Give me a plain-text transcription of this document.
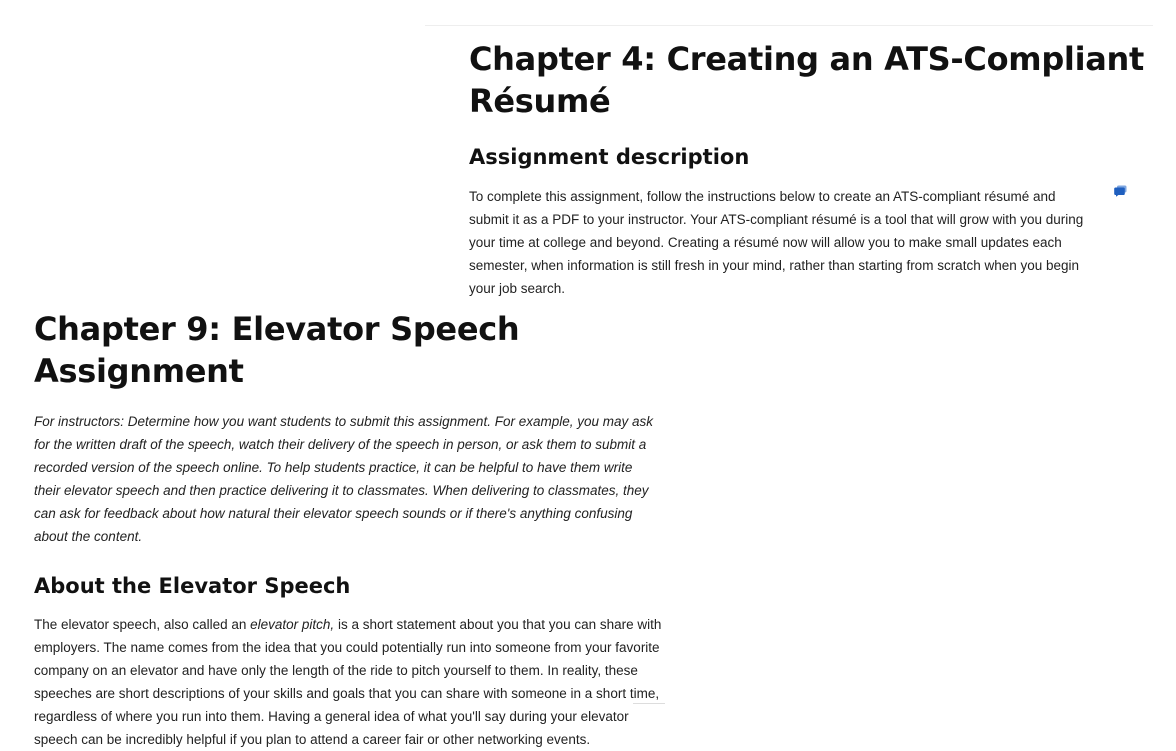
Chapter 4: Creating an ATS-Compliant Résumé
Assignment description

To complete this assignment, follow the instructions below to create an ATS-compliant résumé and submit it as a PDF to your instructor. Your ATS-compliant résumé is a tool that will grow with you during your time at college and beyond. Creating a résumé now will allow you to make small updates each semester, when information is still fresh in your mind, rather than starting from scratch when you begin your job search.

Chapter 9: Elevator Speech Assignment

For instructors: Determine how you want students to submit this assignment. For example, you may ask for the written draft of the speech, watch their delivery of the speech in person, or ask them to submit a recorded version of the speech online. To help students practice, it can be helpful to have them write their elevator speech and then practice delivering it to classmates. When delivering to classmates, they can ask for feedback about how natural their elevator speech sounds or if there's anything confusing about the content.

About the Elevator Speech

The elevator speech, also called an elevator pitch, is a short statement about you that you can share with employers. The name comes from the idea that you could potentially run into someone from your favorite company on an elevator and have only the length of the ride to pitch yourself to them. In reality, these speeches are short descriptions of your skills and goals that you can share with someone in a short time, regardless of where you run into them. Having a general idea of what you'll say during your elevator speech can be incredibly helpful if you plan to attend a career fair or other networking events.
